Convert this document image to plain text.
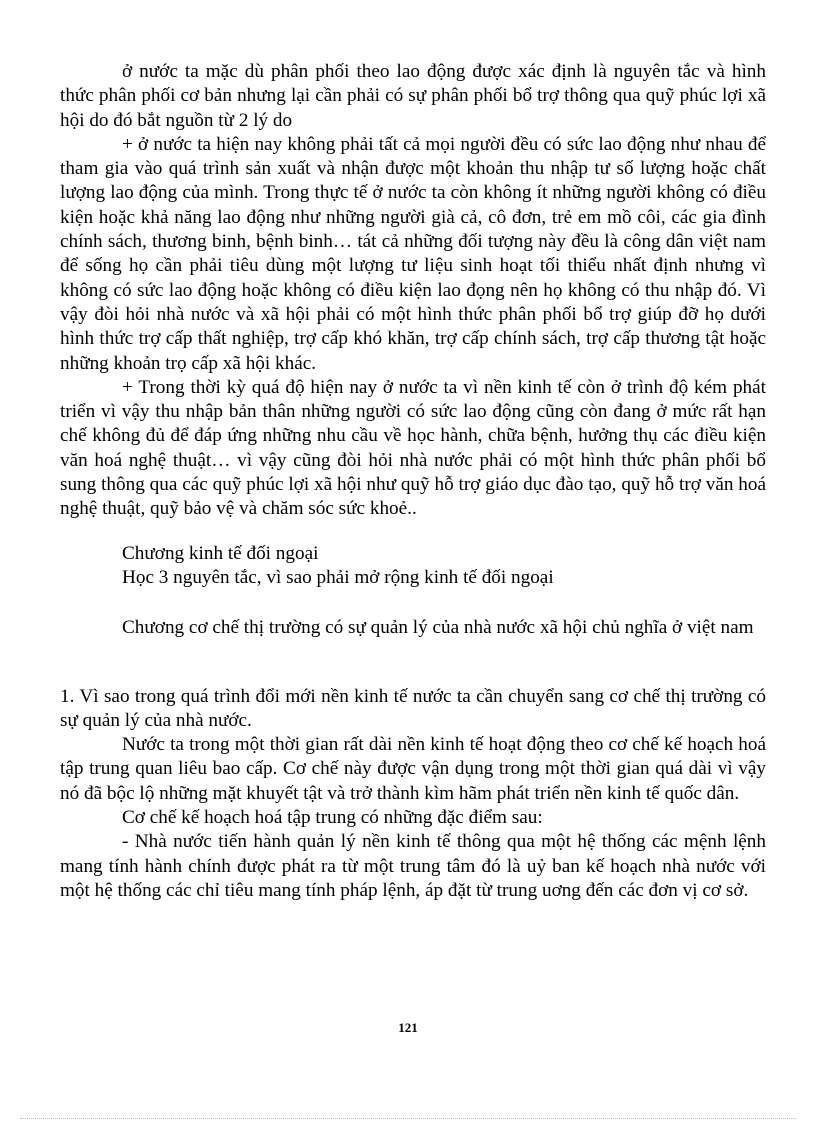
ở nước ta mặc dù phân phối theo lao động được xác định là nguyên tắc và hình thức phân phối cơ bản nhưng lại cần phải có sự phân phối bổ trợ thông qua quỹ phúc lợi xã hội do đó bắt nguồn từ 2 lý do

+ ở nước ta hiện nay không phải tất cả mọi người đều có sức lao động như nhau để tham gia vào quá trình sản xuất và nhận được một khoản thu nhập tư số lượng hoặc chất lượng lao động của mình. Trong thực tế ở nước ta còn không ít những người không có điều kiện hoặc khả năng lao động như những người già cả, cô đơn, trẻ em mồ côi, các gia đình chính sách, thương binh, bệnh binh… tát cả những đối tượng này đều là công dân việt nam để sống họ cần phải tiêu dùng một lượng tư liệu sinh hoạt tối thiểu nhất định nhưng vì không có sức lao động hoặc không có điều kiện lao đọng nên họ không có thu nhập đó. Vì vậy đòi hỏi nhà nước và xã hội phải có một hình thức phân phối bổ trợ giúp đỡ họ dưới hình thức trợ cấp thất nghiệp, trợ cấp khó khăn, trợ cấp chính sách, trợ cấp thương tật hoặc những khoản trọ cấp xã hội khác.

+ Trong thời kỳ quá độ hiện nay ở nước ta vì nền kinh tế còn ở trình độ kém phát triển vì vậy thu nhập bản thân những người có sức lao động cũng còn đang ở mức rất hạn chế không đủ để đáp ứng những nhu cầu về học hành, chữa bệnh, hưởng thụ các điều kiện văn hoá nghệ thuật… vì vậy cũng đòi hỏi nhà nước phải có một hình thức phân phối bổ sung thông qua các quỹ phúc lợi xã hội như quỹ hỗ trợ giáo dục đào tạo, quỹ hỗ trợ văn hoá nghệ thuật, quỹ bảo vệ và chăm sóc sức khoẻ..

Chương kinh tế đối ngoại

Học 3 nguyên tắc, vì sao phải mở rộng kinh tế đối ngoại

Chương cơ chế thị trường có sự quản lý của nhà nước xã hội chủ nghĩa ở việt nam

1. Vì sao trong quá trình đổi mới nền kinh tế nước ta cần chuyển sang cơ chế thị trường có sự quản lý của nhà nước.

Nước ta trong một thời gian rất dài nền kinh tế hoạt động theo cơ chế kế hoạch hoá tập trung quan liêu bao cấp. Cơ chế này được vận dụng trong một thời gian quá dài vì vậy nó đã bộc lộ những mặt khuyết tật và trở thành kìm hãm phát triển nền kinh tế quốc dân.

Cơ chế kế hoạch hoá tập trung có những đặc điểm sau:

- Nhà nước tiến hành quản lý nền kinh tế thông qua một hệ thống các mệnh lệnh mang tính hành chính được phát ra từ một trung tâm đó là uỷ ban kế hoạch nhà nước với một hệ thống các chỉ tiêu mang tính pháp lệnh, áp đặt từ trung uơng đến các đơn vị cơ sở.

121
